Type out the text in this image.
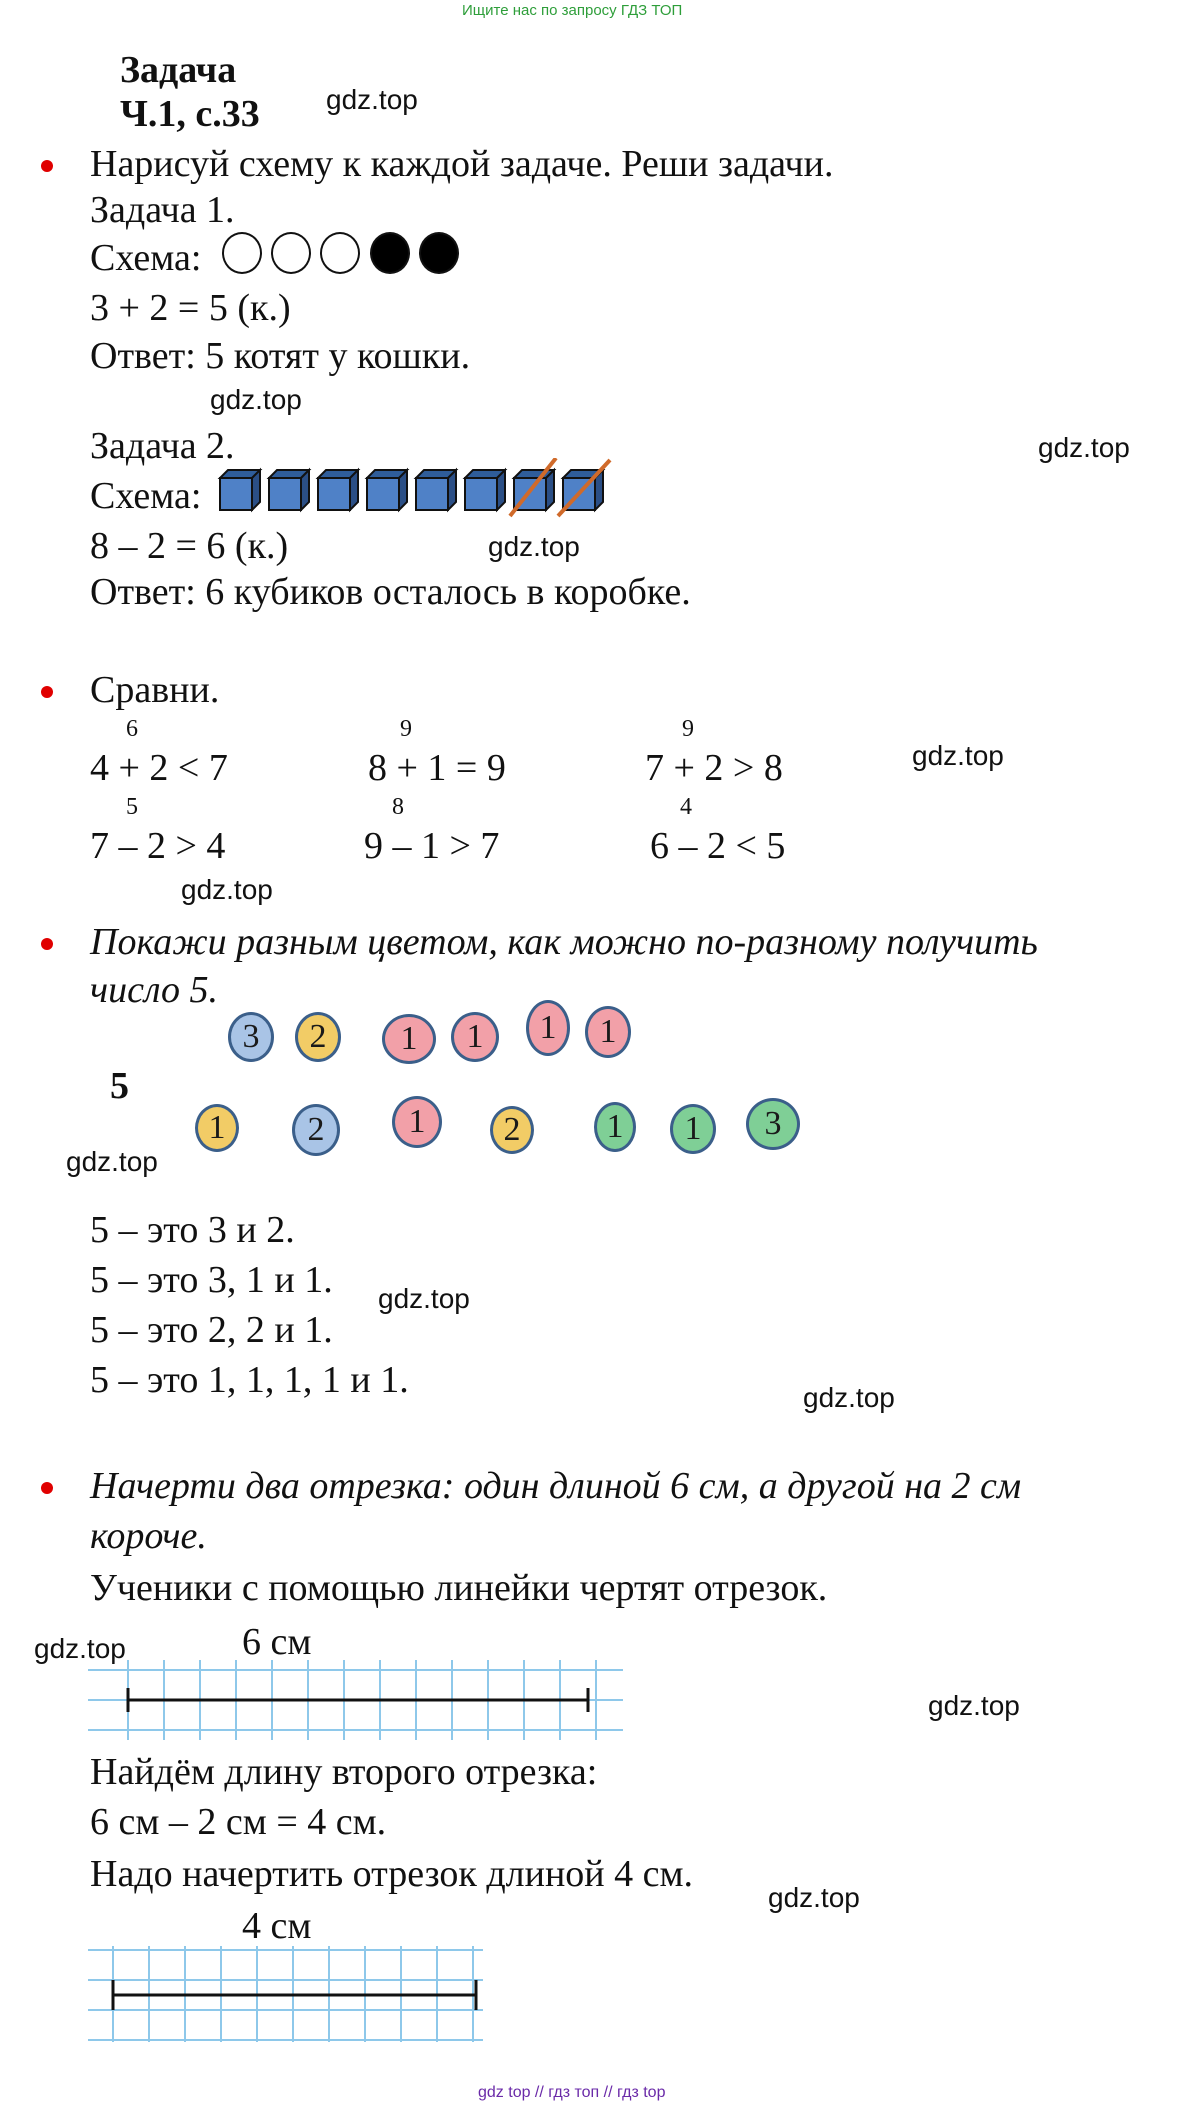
Ищите нас по запросу ГДЗ ТОП
Задача
Ч.1, с.33 gdz.top
gdz.top
gdz.top
gdz.top
gdz.top
gdz.top
gdz.top
gdz.top
gdz.top
gdz.top
gdz.top
gdz.top
Нарисуй схему к каждой задаче. Реши задачи.
Задача 1.
Схема:
3 + 2 = 5 (к.)
Ответ: 5 котят у кошки.
Задача 2.
Схема:
8 – 2 = 6 (к.)
Ответ: 6 кубиков осталось в коробке.
Сравни.
6
4 + 2 < 7
9
8 + 1 = 9
9
7 + 2 > 8
5
7 – 2 > 4
8
9 – 1 > 7
4
6 – 2 < 5
Покажи разным цветом, как можно по-разному получить
число 5.
5
3	2	1	1	1	1
1	2	1	2	1	1	3
5 – это 3 и 2.
5 – это 3, 1 и 1.
5 – это 2, 2 и 1.
5 – это 1, 1, 1, 1 и 1.
Начерти два отрезка: один длиной 6 см, а другой на 2 см
короче.
Ученики с помощью линейки чертят отрезок.
6 см
Найдём длину второго отрезка:
6 см – 2 см = 4 см.
Надо начертить отрезок длиной 4 см.
4 см
gdz top // гдз топ // гдз top
